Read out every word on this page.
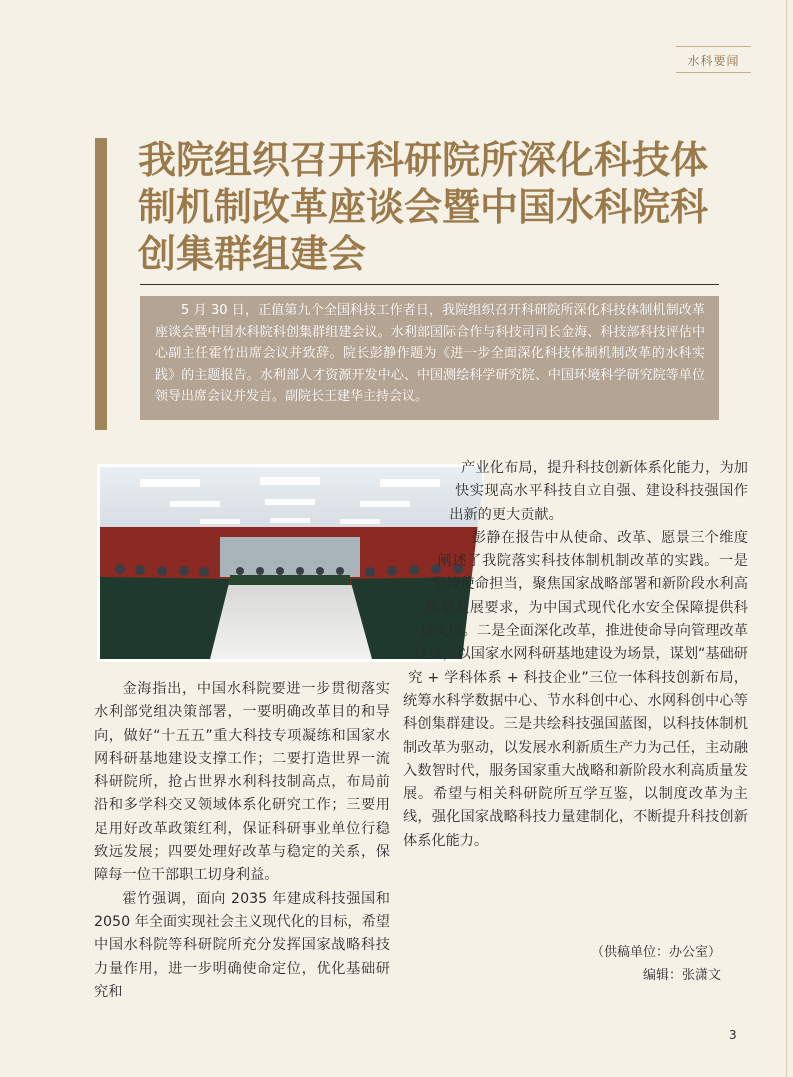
水科要闻
我院组织召开科研院所深化科技体制机制改革座谈会暨中国水科院科创集群组建会
5 月 30 日，正值第九个全国科技工作者日，我院组织召开科研院所深化科技体制机制改革座谈会暨中国水科院科创集群组建会议。水利部国际合作与科技司司长金海、科技部科技评估中心副主任霍竹出席会议并致辞。院长彭静作题为《进一步全面深化科技体制机制改革的水科实践》的主题报告。水利部人才资源开发中心、中国测绘科学研究院、中国环境科学研究院等单位领导出席会议并发言。副院长王建华主持会议。

金海指出，中国水科院要进一步贯彻落实水利部党组决策部署，一要明确改革目的和导向，做好“十五五”重大科技专项凝练和国家水网科研基地建设支撑工作；二要打造世界一流科研院所，抢占世界水利科技制高点，布局前沿和多学科交叉领域体系化研究工作；三要用足用好改革政策红利，保证科研事业单位行稳致远发展；四要处理好改革与稳定的关系，保障每一位干部职工切身利益。

霍竹强调，面向 2035 年建成科技强国和 2050 年全面实现社会主义现代化的目标，希望中国水科院等科研院所充分发挥国家战略科技力量作用，进一步明确使命定位，优化基础研究和

产业化布局，提升科技创新体系化能力，为加快实现高水平科技自立自强、建设科技强国作出新的更大贡献。

彭静在报告中从使命、改革、愿景三个维度阐述了我院落实科技体制机制改革的实践。一是坚持使命担当，聚焦国家战略部署和新阶段水利高质量发展要求，为中国式现代化水安全保障提供科技支撑。二是全面深化改革，推进使命导向管理改革试点，以国家水网科研基地建设为场景，谋划“基础研究 + 学科体系 + 科技企业”三位一体科技创新布局，统筹水科学数据中心、节水科创中心、水网科创中心等科创集群建设。三是共绘科技强国蓝图，以科技体制机制改革为驱动，以发展水利新质生产力为己任，主动融入数智时代，服务国家重大战略和新阶段水利高质量发展。希望与相关科研院所互学互鉴，以制度改革为主线，强化国家战略科技力量建制化，不断提升科技创新体系化能力。

（供稿单位：办公室）
编辑：张潇文
3
